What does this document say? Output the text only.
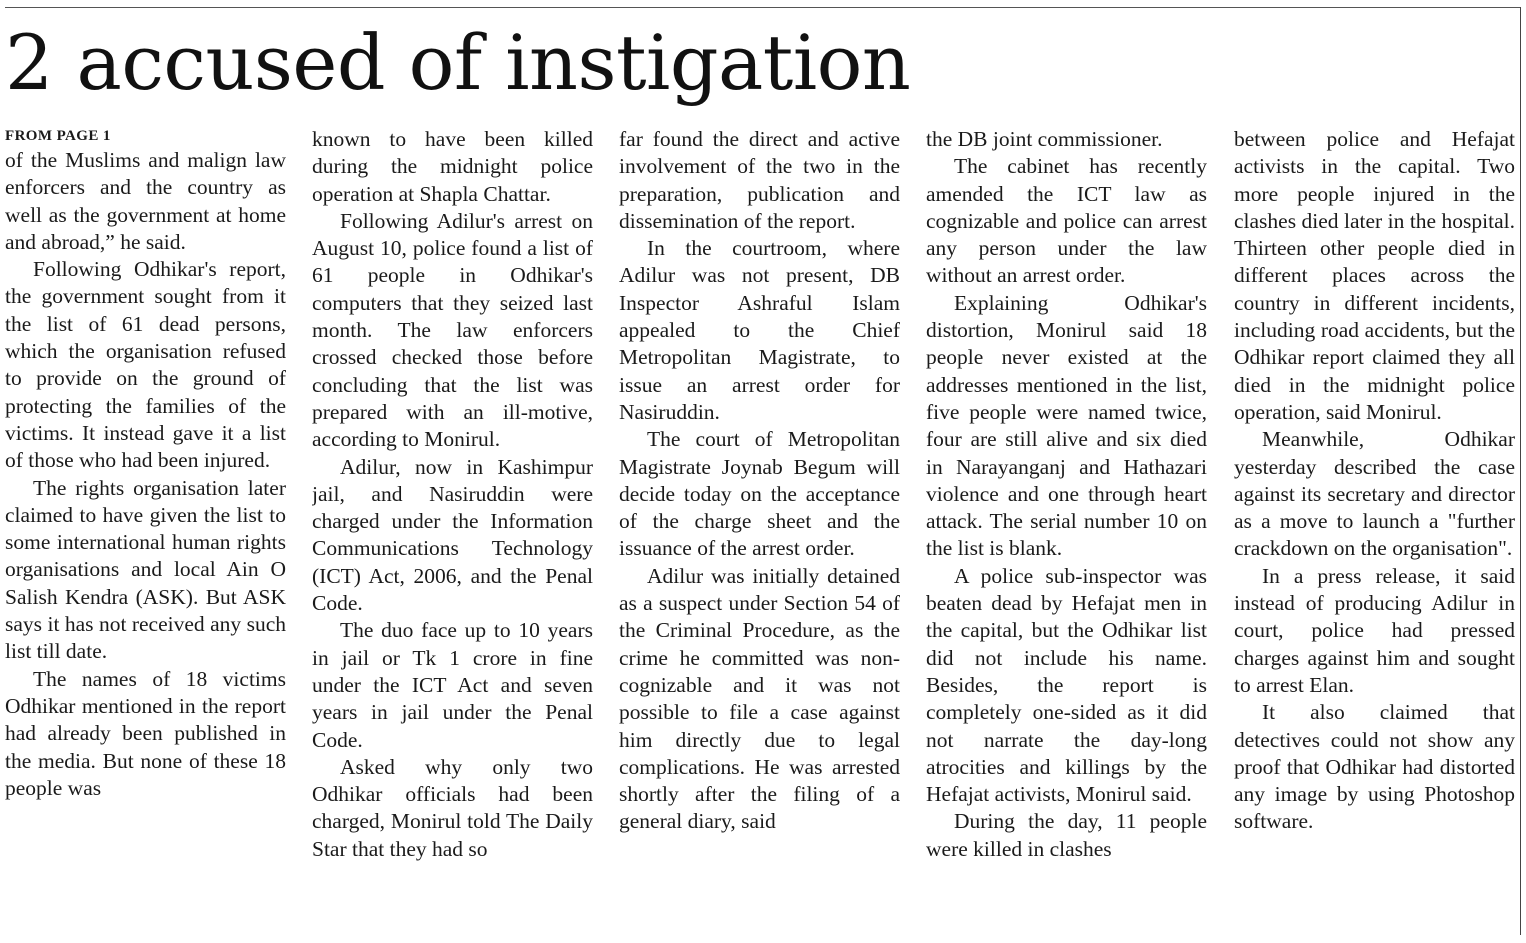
2 accused of instigation
FROM PAGE 1

of the Muslims and malign law enforcers and the country as well as the government at home and abroad,” he said.

Following Odhikar's report, the government sought from it the list of 61 dead persons, which the organisation refused to provide on the ground of protecting the families of the victims. It instead gave it a list of those who had been injured.

The rights organisation later claimed to have given the list to some international human rights organisations and local Ain O Salish Kendra (ASK). But ASK says it has not received any such list till date.

The names of 18 victims Odhikar mentioned in the report had already been published in the media. But none of these 18 people was

known to have been killed during the midnight police operation at Shapla Chattar.

Following Adilur's arrest on August 10, police found a list of 61 people in Odhikar's computers that they seized last month. The law enforcers crossed checked those before concluding that the list was prepared with an ill-motive, according to Monirul.

Adilur, now in Kashimpur jail, and Nasiruddin were charged under the Information Communications Technology (ICT) Act, 2006, and the Penal Code.

The duo face up to 10 years in jail or Tk 1 crore in fine under the ICT Act and seven years in jail under the Penal Code.

Asked why only two Odhikar officials had been charged, Monirul told The Daily Star that they had so

far found the direct and active involvement of the two in the preparation, publication and dissemination of the report.

In the courtroom, where Adilur was not present, DB Inspector Ashraful Islam appealed to the Chief Metropolitan Magistrate, to issue an arrest order for Nasiruddin.

The court of Metropolitan Magistrate Joynab Begum will decide today on the acceptance of the charge sheet and the issuance of the arrest order.

Adilur was initially detained as a suspect under Section 54 of the Criminal Procedure, as the crime he committed was non-cognizable and it was not possible to file a case against him directly due to legal complications. He was arrested shortly after the filing of a general diary, said

the DB joint commissioner.

The cabinet has recently amended the ICT law as cognizable and police can arrest any person under the law without an arrest order.

Explaining Odhikar's distortion, Monirul said 18 people never existed at the addresses mentioned in the list, five people were named twice, four are still alive and six died in Narayanganj and Hathazari violence and one through heart attack. The serial number 10 on the list is blank.

A police sub-inspector was beaten dead by Hefajat men in the capital, but the Odhikar list did not include his name. Besides, the report is completely one-sided as it did not narrate the day-long atrocities and killings by the Hefajat activists, Monirul said.

During the day, 11 people were killed in clashes

between police and Hefajat activists in the capital. Two more people injured in the clashes died later in the hospital. Thirteen other people died in different places across the country in different incidents, including road accidents, but the Odhikar report claimed they all died in the midnight police operation, said Monirul.

Meanwhile, Odhikar yesterday described the case against its secretary and director as a move to launch a "further crackdown on the organisation".

In a press release, it said instead of producing Adilur in court, police had pressed charges against him and sought to arrest Elan.

It also claimed that detectives could not show any proof that Odhikar had distorted any image by using Photoshop software.
